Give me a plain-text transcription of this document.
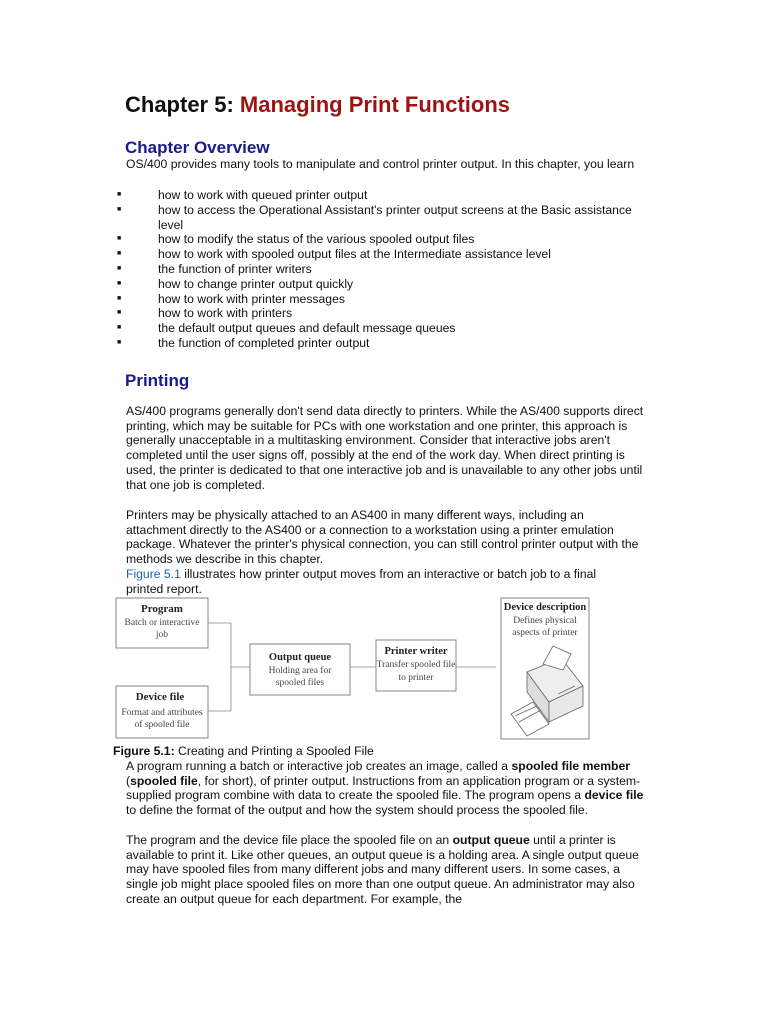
Chapter 5: Managing Print Functions
Chapter Overview

OS/400 provides many tools to manipulate and control printer output. In this chapter, you learn

■	how to work with queued printer output
■	how to access the Operational Assistant's printer output screens at the Basic assistance level
■	how to modify the status of the various spooled output files
■	how to work with spooled output files at the Intermediate assistance level
■	the function of printer writers
■	how to change printer output quickly
■	how to work with printer messages
■	how to work with printers
■	the default output queues and default message queues
■	the function of completed printer output
Printing

AS/400 programs generally don't send data directly to printers. While the AS/400 supports direct printing, which may be suitable for PCs with one workstation and one printer, this approach is generally unacceptable in a multitasking environment. Consider that interactive jobs aren't completed until the user signs off, possibly at the end of the work day. When direct printing is used, the printer is dedicated to that one interactive job and is unavailable to any other jobs until that one job is completed.

Printers may be physically attached to an AS400 in many different ways, including an attachment directly to the AS400 or a connection to a workstation using a printer emulation package. Whatever the printer's physical connection, you can still control printer output with the methods we describe in this chapter.

Figure 5.1 illustrates how printer output moves from an interactive or batch job to a final printed report.

Program
Batch or interactive
job
Device file
Format and attributes
of spooled file
Output queue
Holding area for
spooled files
Printer writer
Transfer spooled file
to printer
Device description
Defines physical
aspects of printer

Figure 5.1: Creating and Printing a Spooled File

A program running a batch or interactive job creates an image, called a spooled file member (spooled file, for short), of printer output. Instructions from an application program or a system-supplied program combine with data to create the spooled file. The program opens a device file to define the format of the output and how the system should process the spooled file.

The program and the device file place the spooled file on an output queue until a printer is available to print it. Like other queues, an output queue is a holding area. A single output queue may have spooled files from many different jobs and many different users. In some cases, a single job might place spooled files on more than one output queue. An administrator may also create an output queue for each department. For example, the
